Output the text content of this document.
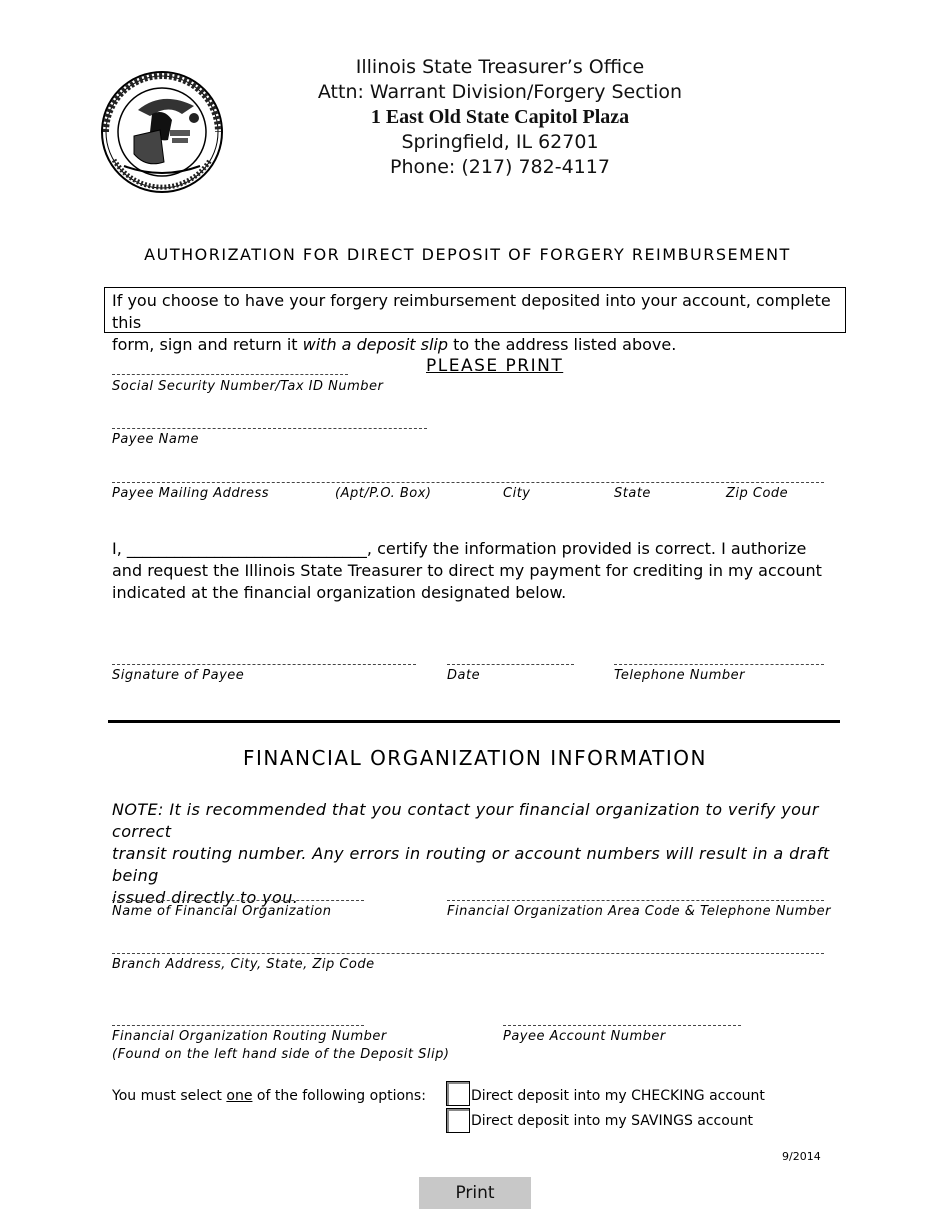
Illinois State Treasurer’s Office
Attn: Warrant Division/Forgery Section
1 East Old State Capitol Plaza
Springfield, IL 62701
Phone: (217) 782-4117
AUTHORIZATION FOR DIRECT DEPOSIT OF FORGERY REIMBURSEMENT
If you choose to have your forgery reimbursement deposited into your account, complete this
form, sign and return it with a deposit slip to the address listed above.
PLEASE PRINT
Social Security Number/Tax ID Number
Payee Name
Payee Mailing Address	(Apt/P.O. Box)	City	State	Zip Code
I, ______________________________, certify the information provided is correct. I authorize
and request the Illinois State Treasurer to direct my payment for crediting in my account
indicated at the financial organization designated below.
Signature of Payee	Date	Telephone Number
FINANCIAL ORGANIZATION INFORMATION
NOTE: It is recommended that you contact your financial organization to verify your correct
transit routing number. Any errors in routing or account numbers will result in a draft being
issued directly to you.
Name of Financial Organization	Financial Organization Area Code & Telephone Number
Branch Address, City, State, Zip Code
Financial Organization Routing Number
(Found on the left hand side of the Deposit Slip)
Payee Account Number
You must select one of the following options:	Direct deposit into my CHECKING account
Direct deposit into my SAVINGS account
9/2014
Print
